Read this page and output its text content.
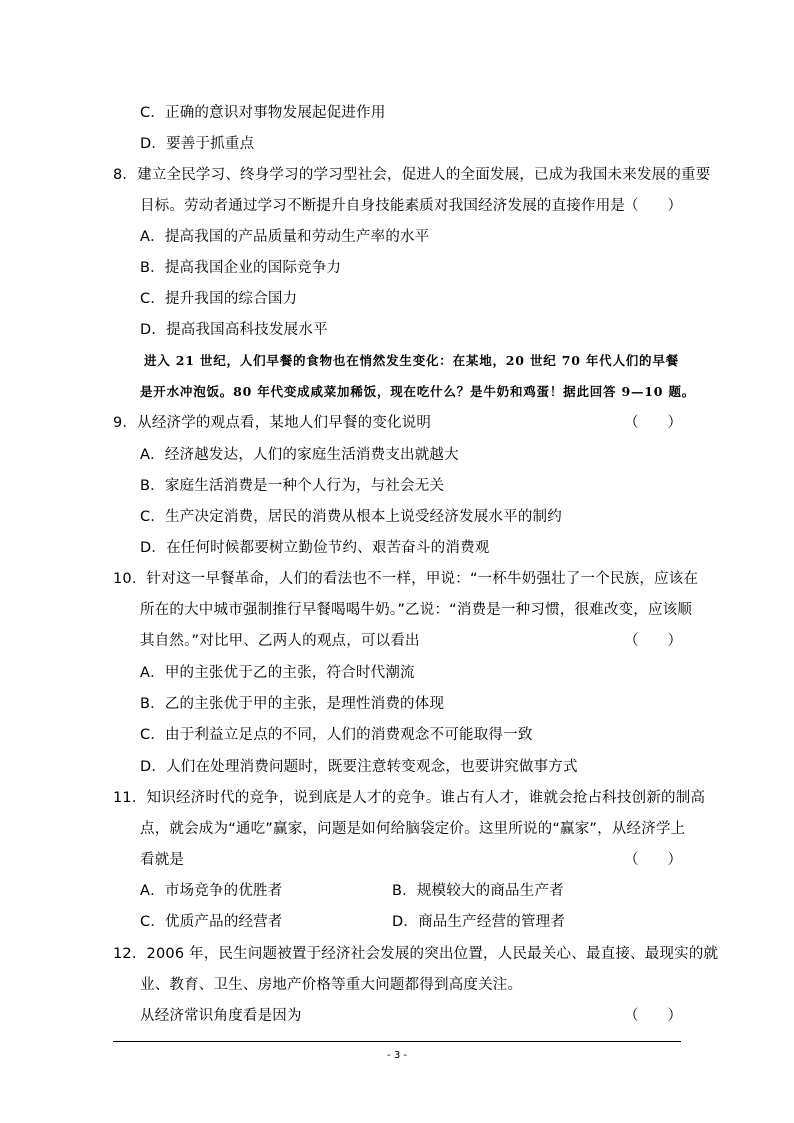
C．正确的意识对事物发展起促进作用
D．要善于抓重点
8．建立全民学习、终身学习的学习型社会，促进人的全面发展，已成为我国未来发展的重要
目标。劳动者通过学习不断提升自身技能素质对我国经济发展的直接作用是
（　　）
A．提高我国的产品质量和劳动生产率的水平
B．提高我国企业的国际竞争力
C．提升我国的综合国力
D．提高我国高科技发展水平
进入 21 世纪，人们早餐的食物也在悄然发生变化：在某地，20 世纪 70 年代人们的早餐
是开水冲泡饭。80 年代变成咸菜加稀饭，现在吃什么？是牛奶和鸡蛋！据此回答 9—10 题。
9．从经济学的观点看，某地人们早餐的变化说明	（　　）
A．经济越发达，人们的家庭生活消费支出就越大
B．家庭生活消费是一种个人行为，与社会无关
C．生产决定消费，居民的消费从根本上说受经济发展水平的制约
D．在任何时候都要树立勤俭节约、艰苦奋斗的消费观
10．针对这一早餐革命，人们的看法也不一样，甲说：“一杯牛奶强壮了一个民族，应该在
所在的大中城市强制推行早餐喝喝牛奶。”乙说：“消费是一种习惯，很难改变，应该顺
其自然。”对比甲、乙两人的观点，可以看出	（　　）
A．甲的主张优于乙的主张，符合时代潮流
B．乙的主张优于甲的主张，是理性消费的体现
C．由于利益立足点的不同，人们的消费观念不可能取得一致
D．人们在处理消费问题时，既要注意转变观念，也要讲究做事方式
11．知识经济时代的竞争，说到底是人才的竞争。谁占有人才，谁就会抢占科技创新的制高
点，就会成为“通吃”赢家，问题是如何给脑袋定价。这里所说的“赢家”，从经济学上
看就是	（　　）
A．市场竞争的优胜者	B．规模较大的商品生产者
C．优质产品的经营者	D．商品生产经营的管理者
12．2006 年，民生问题被置于经济社会发展的突出位置，人民最关心、最直接、最现实的就
业、教育、卫生、房地产价格等重大问题都得到高度关注。
从经济常识角度看是因为	（　　）
- 3 -
